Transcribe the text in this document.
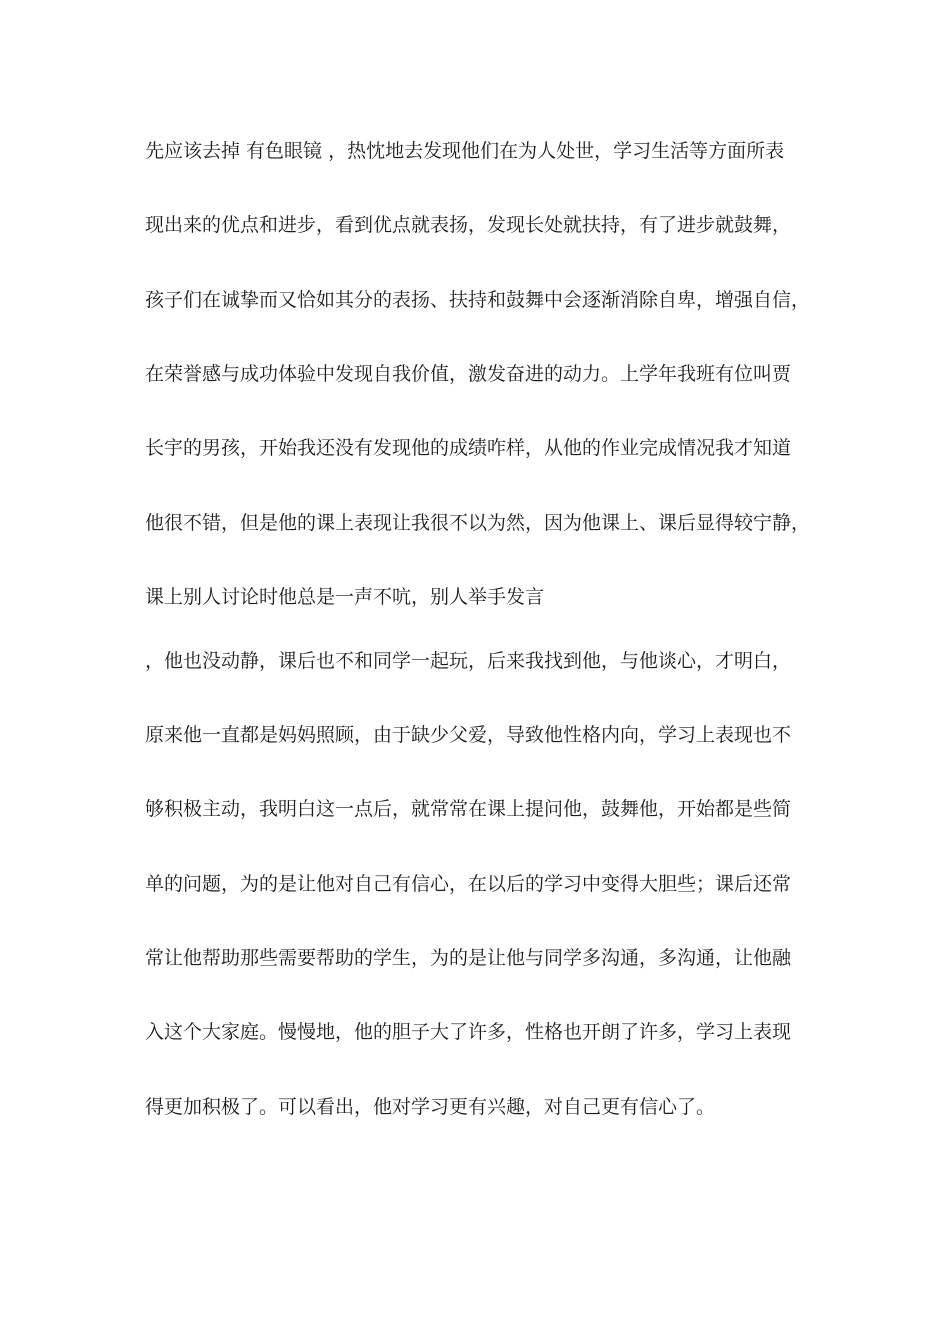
先应该去掉 有色眼镜 ，热忱地去发现他们在为人处世，学习生活等方面所表
现出来的优点和进步，看到优点就表扬，发现长处就扶持，有了进步就鼓舞，
孩子们在诚挚而又恰如其分的表扬、扶持和鼓舞中会逐渐消除自卑，增强自信，
在荣誉感与成功体验中发现自我价值，激发奋进的动力。上学年我班有位叫贾
长宇的男孩，开始我还没有发现他的成绩咋样，从他的作业完成情况我才知道
他很不错，但是他的课上表现让我很不以为然，因为他课上、课后显得较宁静，
课上别人讨论时他总是一声不吭，别人举手发言
，他也没动静，课后也不和同学一起玩，后来我找到他，与他谈心，才明白，
原来他一直都是妈妈照顾，由于缺少父爱，导致他性格内向，学习上表现也不
够积极主动，我明白这一点后，就常常在课上提问他，鼓舞他，开始都是些简
单的问题，为的是让他对自己有信心，在以后的学习中变得大胆些；课后还常
常让他帮助那些需要帮助的学生，为的是让他与同学多沟通，多沟通，让他融
入这个大家庭。慢慢地，他的胆子大了许多，性格也开朗了许多，学习上表现
得更加积极了。可以看出，他对学习更有兴趣，对自己更有信心了。
